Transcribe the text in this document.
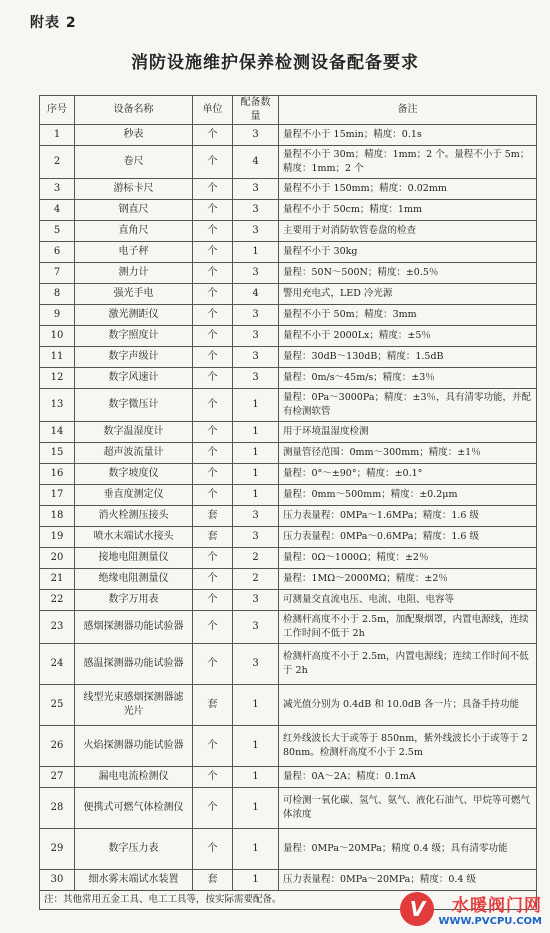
附表 2
消防设施维护保养检测设备配备要求
序号	设备名称	单位	配备数量	备注
1	秒表	个	3	量程不小于 15min；精度：0.1s
2	卷尺	个	4	量程不小于 30m；精度：1mm；2 个。量程不小于 5m；精度：1mm；2 个
3	游标卡尺	个	3	量程不小于 150mm；精度：0.02mm
4	钢直尺	个	3	量程不小于 50cm；精度：1mm
5	直角尺	个	3	主要用于对消防软管卷盘的检查
6	电子秤	个	1	量程不小于 30kg
7	测力计	个	3	量程：50N～500N；精度：±0.5％
8	强光手电	个	4	警用充电式，LED 冷光源
9	激光测距仪	个	3	量程不小于 50m；精度：3mm
10	数字照度计	个	3	量程不小于 2000Lx；精度：±5％
11	数字声级计	个	3	量程：30dB～130dB；精度：1.5dB
12	数字风速计	个	3	量程：0m/s～45m/s；精度：±3％
13	数字微压计	个	1	量程：0Pa～3000Pa；精度：±3％，具有清零功能，并配有检测软管
14	数字温湿度计	个	1	用于环境温湿度检测
15	超声波流量计	个	1	测量管径范围：0mm～300mm；精度：±1％
16	数字坡度仪	个	1	量程：0°～±90°；精度：±0.1°
17	垂直度测定仪	个	1	量程：0mm～500mm；精度：±0.2μm
18	消火栓测压接头	套	3	压力表量程：0MPa～1.6MPa；精度：1.6 级
19	喷水末端试水接头	套	3	压力表量程：0MPa～0.6MPa；精度：1.6 级
20	接地电阻测量仪	个	2	量程：0Ω～1000Ω；精度：±2％
21	绝缘电阻测量仪	个	2	量程：1MΩ～2000MΩ；精度：±2％
22	数字万用表	个	3	可测量交直流电压、电流、电阻、电容等
23	感烟探测器功能试验器	个	3	检测杆高度不小于 2.5m，加配聚烟罩，内置电源线，连续工作时间不低于 2h
24	感温探测器功能试验器	个	3	检测杆高度不小于 2.5m，内置电源线；连续工作时间不低于 2h
25	线型光束感烟探测器滤光片	套	1	减光值分别为 0.4dB 和 10.0dB 各一片；具备手持功能
26	火焰探测器功能试验器	个	1	红外线波长大于或等于 850nm，紫外线波长小于或等于 280nm。检测杆高度不小于 2.5m
27	漏电电流检测仪	个	1	量程：0A～2A；精度：0.1mA
28	便携式可燃气体检测仪	个	1	可检测一氧化碳、氢气、氨气、液化石油气、甲烷等可燃气体浓度
29	数字压力表	个	1	量程：0MPa～20MPa；精度 0.4 级；具有清零功能
30	细水雾末端试水装置	套	1	压力表量程：0MPa～20MPa；精度：0.4 级
注：其他常用五金工具、电工工具等，按实际需要配备。					V	水暖阀门网
WWW.PVCPU.COM
